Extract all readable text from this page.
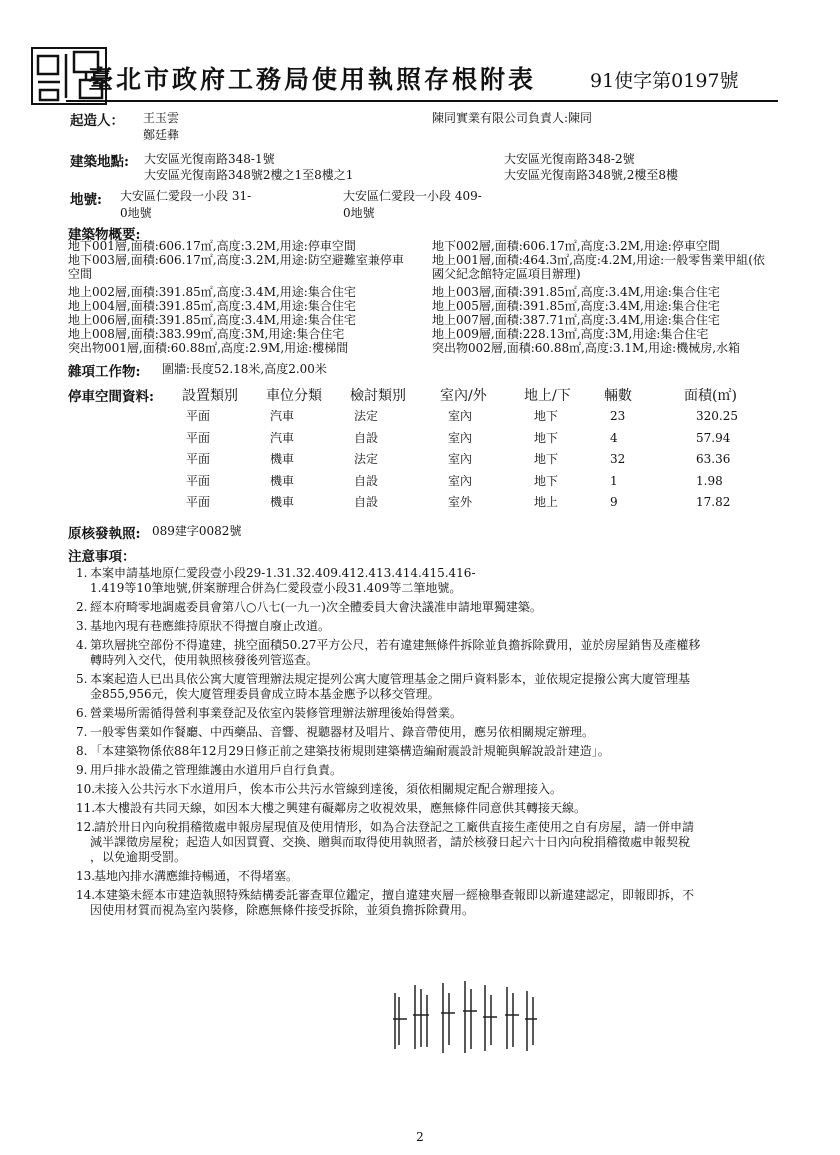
臺北市政府工務局使用執照存根附表	91使字第0197號
起造人： 王玉雲
鄭廷彝
陳同實業有限公司負責人:陳同
建築地點: 大安區光復南路348-1號
大安區光復南路348號2樓之1至8樓之1
大安區光復南路348-2號
大安區光復南路348號,2樓至8樓
地號: 大安區仁愛段一小段 31-
0地號
大安區仁愛段一小段 409-
0地號
建築物概要:
地下001層,面積:606.17㎡,高度:3.2M,用途:停車空間
地下003層,面積:606.17㎡,高度:3.2M,用途:防空避難室兼停車
空間
地上002層,面積:391.85㎡,高度:3.4M,用途:集合住宅
地上004層,面積:391.85㎡,高度:3.4M,用途:集合住宅
地上006層,面積:391.85㎡,高度:3.4M,用途:集合住宅
地上008層,面積:383.99㎡,高度:3M,用途:集合住宅
突出物001層,面積:60.88㎡,高度:2.9M,用途:樓梯間
地下002層,面積:606.17㎡,高度:3.2M,用途:停車空間
地上001層,面積:464.3㎡,高度:4.2M,用途:一般零售業甲組(依
國父紀念館特定區項目辦理)
地上003層,面積:391.85㎡,高度:3.4M,用途:集合住宅
地上005層,面積:391.85㎡,高度:3.4M,用途:集合住宅
地上007層,面積:387.71㎡,高度:3.4M,用途:集合住宅
地上009層,面積:228.13㎡,高度:3M,用途:集合住宅
突出物002層,面積:60.88㎡,高度:3.1M,用途:機械房,水箱
雜項工作物: 圍牆:長度52.18米,高度2.00米
停車空間資料: 設置類別 車位分類 檢討類別 室內/外	地上/下 輛數	面積(㎡)
平面	汽車	法定	室內	地下	23	320.25
平面	汽車	自設	室內	地下	4	57.94
平面	機車	法定	室內	地下	32	63.36
平面	機車	自設	室內	地下	1	1.98
平面	機車	自設	室外	地上	9	17.82
原核發執照: 089建字0082號
注意事項：
1. 本案申請基地原仁愛段壹小段29-1.31.32.409.412.413.414.415.416-
1.419等10筆地號,併案辦理合併為仁愛段壹小段31.409等二筆地號。
2. 經本府畸零地調處委員會第八○八七(一九一)次全體委員大會決議准申請地單獨建築。
3. 基地內現有巷應維持原狀不得擅自廢止改道。
4. 第玖層挑空部份不得違建，挑空面積50.27平方公尺，若有違建無條件拆除並負擔拆除費用，並於房屋銷售及產權移
轉時列入交代，使用執照核發後列管巡查。
5. 本案起造人已出具依公寓大廈管理辦法規定提列公寓大廈管理基金之開戶資料影本，並依規定提撥公寓大廈管理基
金855,956元，俟大廈管理委員會成立時本基金應予以移交管理。
6. 營業場所需循得營利事業登記及依室內裝修管理辦法辦理後始得營業。
7. 一般零售業如作餐廳、中西藥品、音響、視聽器材及唱片、錄音帶使用，應另依相關規定辦理。
8. 「本建築物係依88年12月29日修正前之建築技術規則建築構造編耐震設計規範與解說設計建造」。
9. 用戶排水設備之管理維護由水道用戶自行負責。
10.未接入公共污水下水道用戶，俟本市公共污水管線到達後，須依相關規定配合辦理接入。
11.本大樓設有共同天線，如因本大樓之興建有礙鄰房之收視效果，應無條件同意供其轉接天線。
12.請於卅日內向稅捐稽徵處申報房屋現值及使用情形，如為合法登記之工廠供直接生產使用之自有房屋，請一併申請
減半課徵房屋稅；起造人如因買賣、交換、贈與而取得使用執照者，請於核發日起六十日內向稅捐稽徵處申報契稅
，以免逾期受罰。
13.基地內排水溝應維持暢通，不得堵塞。
14.本建築未經本市建造執照特殊結構委託審查單位鑑定，擅自違建夾層一經檢舉查報即以新違建認定，即報即拆，不
因使用材質而視為室內裝修，除應無條件接受拆除，並須負擔拆除費用。
2
